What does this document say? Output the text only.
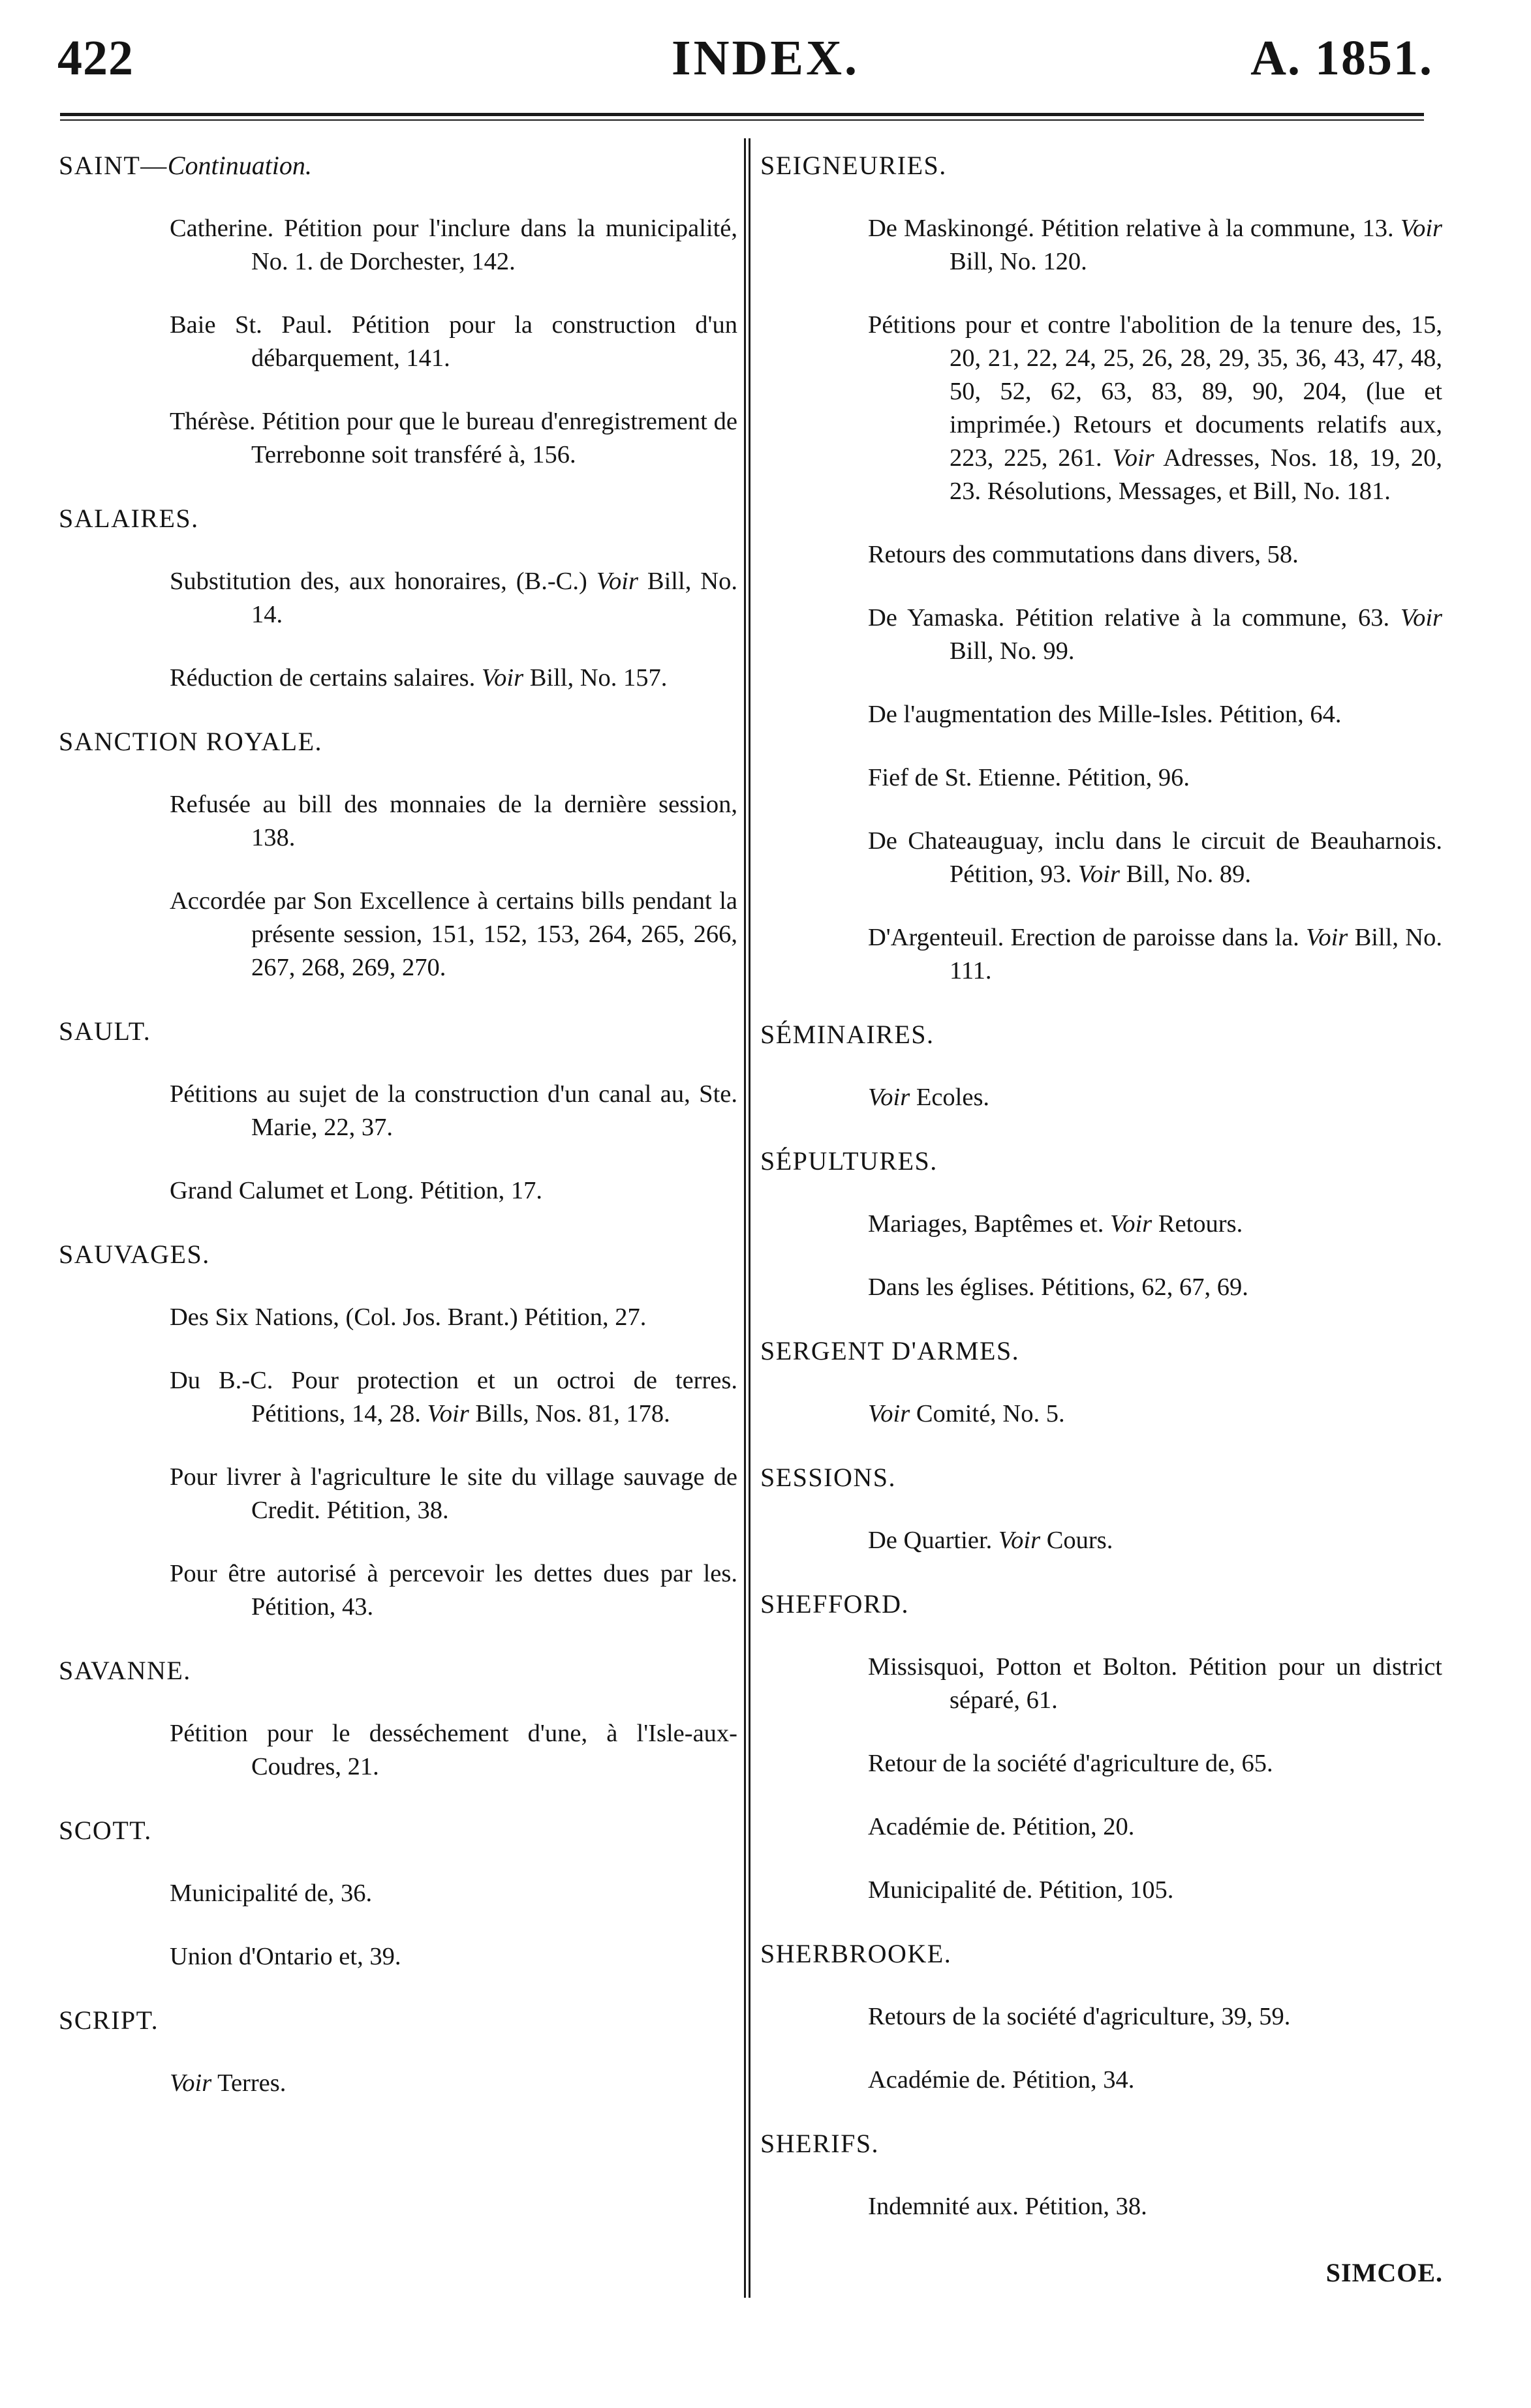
422	INDEX.	A. 1851.

SAINT—Continuation.

Catherine. Pétition pour l'inclure dans la municipalité, No. 1. de Dorchester, 142.

Baie St. Paul. Pétition pour la construction d'un débarquement, 141.

Thérèse. Pétition pour que le bureau d'enregistrement de Terrebonne soit transféré à, 156.

SALAIRES.

Substitution des, aux honoraires, (B.-C.) Voir Bill, No. 14.

Réduction de certains salaires. Voir Bill, No. 157.

SANCTION ROYALE.

Refusée au bill des monnaies de la dernière session, 138.

Accordée par Son Excellence à certains bills pendant la présente session, 151, 152, 153, 264, 265, 266, 267, 268, 269, 270.

SAULT.

Pétitions au sujet de la construction d'un canal au, Ste. Marie, 22, 37.

Grand Calumet et Long. Pétition, 17.

SAUVAGES.

Des Six Nations, (Col. Jos. Brant.) Pétition, 27.

Du B.-C. Pour protection et un octroi de terres. Pétitions, 14, 28. Voir Bills, Nos. 81, 178.

Pour livrer à l'agriculture le site du village sauvage de Credit. Pétition, 38.

Pour être autorisé à percevoir les dettes dues par les. Pétition, 43.

SAVANNE.

Pétition pour le desséchement d'une, à l'Isle-aux-Coudres, 21.

SCOTT.

Municipalité de, 36.

Union d'Ontario et, 39.

SCRIPT.

Voir Terres.

SEIGNEURIES.

De Maskinongé. Pétition relative à la commune, 13. Voir Bill, No. 120.

Pétitions pour et contre l'abolition de la tenure des, 15, 20, 21, 22, 24, 25, 26, 28, 29, 35, 36, 43, 47, 48, 50, 52, 62, 63, 83, 89, 90, 204, (lue et imprimée.) Retours et documents relatifs aux, 223, 225, 261. Voir Adresses, Nos. 18, 19, 20, 23. Résolutions, Messages, et Bill, No. 181.

Retours des commutations dans divers, 58.

De Yamaska. Pétition relative à la commune, 63. Voir Bill, No. 99.

De l'augmentation des Mille-Isles. Pétition, 64.

Fief de St. Etienne. Pétition, 96.

De Chateauguay, inclu dans le circuit de Beauharnois. Pétition, 93. Voir Bill, No. 89.

D'Argenteuil. Erection de paroisse dans la. Voir Bill, No. 111.

SÉMINAIRES.

Voir Ecoles.

SÉPULTURES.

Mariages, Baptêmes et. Voir Retours.

Dans les églises. Pétitions, 62, 67, 69.

SERGENT D'ARMES.

Voir Comité, No. 5.

SESSIONS.

De Quartier. Voir Cours.

SHEFFORD.

Missisquoi, Potton et Bolton. Pétition pour un district séparé, 61.

Retour de la société d'agriculture de, 65.

Académie de. Pétition, 20.

Municipalité de. Pétition, 105.

SHERBROOKE.

Retours de la société d'agriculture, 39, 59.

Académie de. Pétition, 34.

SHERIFS.

Indemnité aux. Pétition, 38.

SIMCOE.
